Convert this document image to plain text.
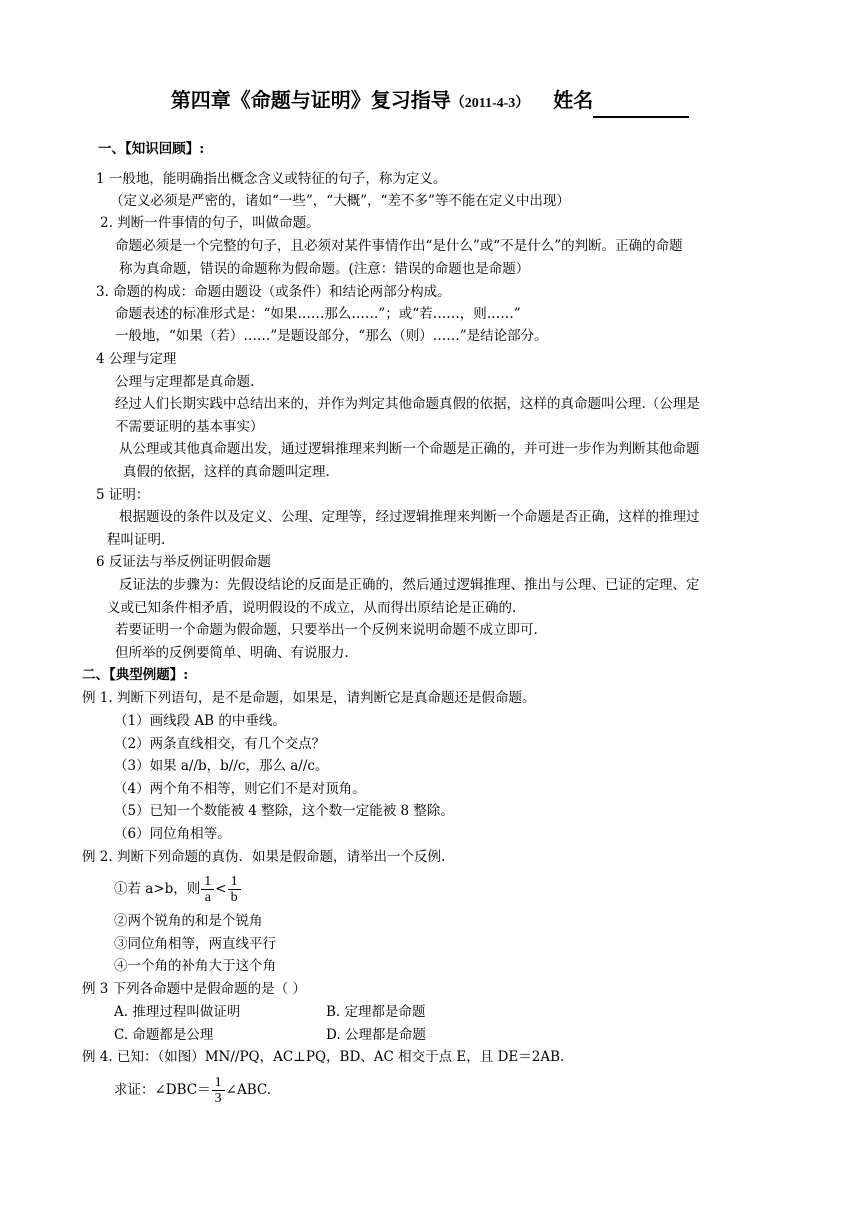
第四章《命题与证明》复习指导（2011-4-3） 姓名
一、【知识回顾】:
1 一般地，能明确指出概念含义或特征的句子，称为定义。
（定义必须是严密的，诸如“一些”，“大概”，“差不多”等不能在定义中出现）
2. 判断一件事情的句子，叫做命题。
命题必须是一个完整的句子，且必须对某件事情作出“是什么”或“不是什么”的判断。正确的命题
称为真命题，错误的命题称为假命题。(注意：错误的命题也是命题）
3. 命题的构成：命题由题设（或条件）和结论两部分构成。
命题表述的标准形式是：“如果……那么……”；或“若……，则……”
一般地，“如果（若）……”是题设部分，“那么（则）……”是结论部分。
4 公理与定理
公理与定理都是真命题.
经过人们长期实践中总结出来的，并作为判定其他命题真假的依据，这样的真命题叫公理.（公理是
不需要证明的基本事实）
从公理或其他真命题出发，通过逻辑推理来判断一个命题是正确的，并可进一步作为判断其他命题
真假的依据，这样的真命题叫定理.
5 证明：
根据题设的条件以及定义、公理、定理等，经过逻辑推理来判断一个命题是否正确，这样的推理过
程叫证明.
6 反证法与举反例证明假命题
反证法的步骤为：先假设结论的反面是正确的，然后通过逻辑推理、推出与公理、已证的定理、定
义或已知条件相矛盾，说明假设的不成立，从而得出原结论是正确的.
若要证明一个命题为假命题，只要举出一个反例来说明命题不成立即可.
但所举的反例要简单、明确、有说服力.
二、【典型例题】:
例 1. 判断下列语句，是不是命题，如果是，请判断它是真命题还是假命题。
（1）画线段 AB 的中垂线。
（2）两条直线相交，有几个交点？
（3）如果 a//b，b//c，那么 a//c。
（4）两个角不相等，则它们不是对顶角。
（5）已知一个数能被 4 整除，这个数一定能被 8 整除。
（6）同位角相等。
例 2. 判断下列命题的真伪．如果是假命题，请举出一个反例.
①若 a>b，则 $\frac{1}{a} < \frac{1}{b}$
②两个锐角的和是个锐角
③同位角相等，两直线平行
④一个角的补角大于这个角
例 3 下列各命题中是假命题的是（ ）
A. 推理过程叫做证明	B. 定理都是命题
C. 命题都是公理	D. 公理都是命题
例 4. 已知：（如图）MN//PQ，AC⊥PQ，BD、AC 相交于点 E，且 DE＝2AB.
求证：∠DBC＝ $\frac{1}{3}$ ∠ABC.
